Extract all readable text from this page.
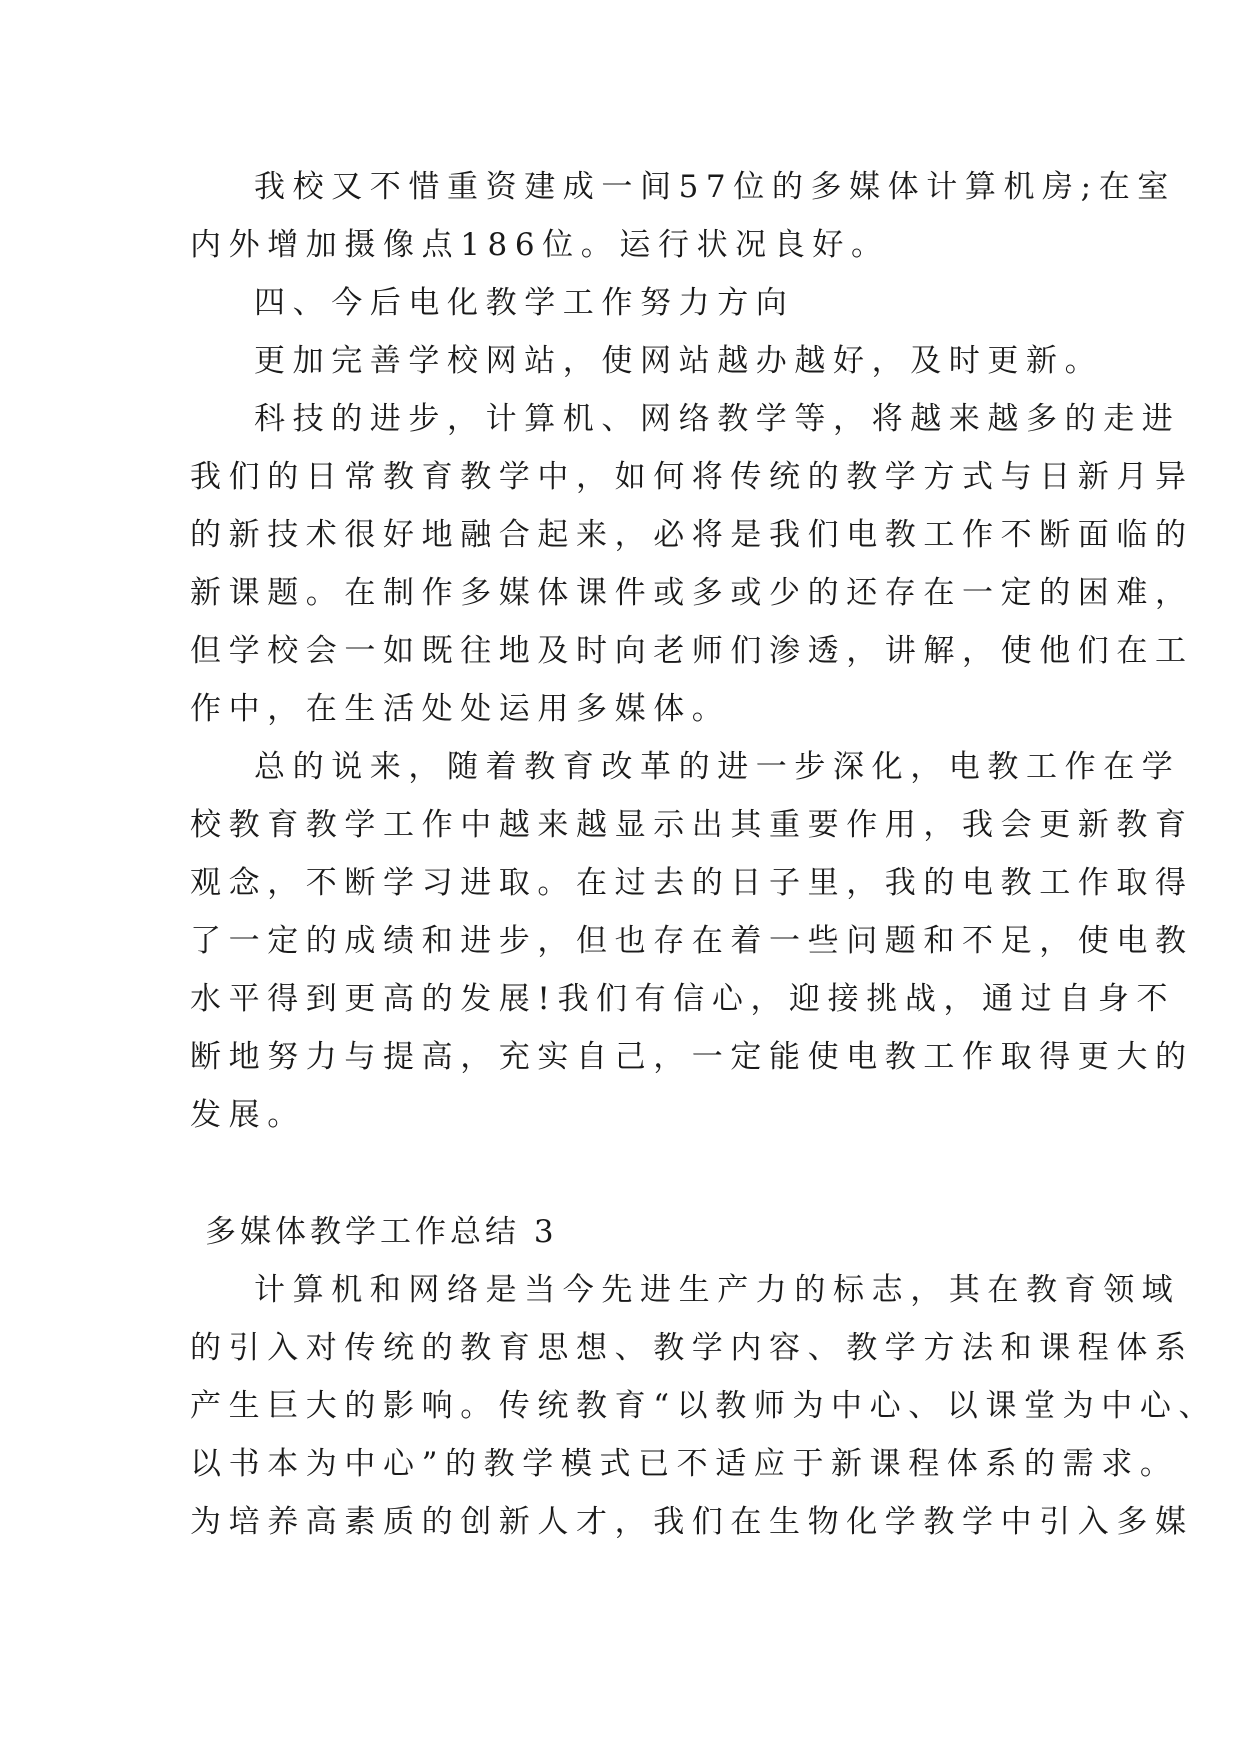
我校又不惜重资建成一间57位的多媒体计算机房;在室
内外增加摄像点186位。运行状况良好。
四、今后电化教学工作努力方向
更加完善学校网站，使网站越办越好，及时更新。
科技的进步，计算机、网络教学等，将越来越多的走进
我们的日常教育教学中，如何将传统的教学方式与日新月异
的新技术很好地融合起来，必将是我们电教工作不断面临的
新课题。在制作多媒体课件或多或少的还存在一定的困难，
但学校会一如既往地及时向老师们渗透，讲解，使他们在工
作中，在生活处处运用多媒体。
总的说来，随着教育改革的进一步深化，电教工作在学
校教育教学工作中越来越显示出其重要作用，我会更新教育
观念，不断学习进取。在过去的日子里，我的电教工作取得
了一定的成绩和进步，但也存在着一些问题和不足，使电教
水平得到更高的发展!我们有信心，迎接挑战，通过自身不
断地努力与提高，充实自己，一定能使电教工作取得更大的
发展。
多媒体教学工作总结 3
计算机和网络是当今先进生产力的标志，其在教育领域
的引入对传统的教育思想、教学内容、教学方法和课程体系
产生巨大的影响。传统教育“以教师为中心、以课堂为中心、
以书本为中心”的教学模式已不适应于新课程体系的需求。
为培养高素质的创新人才，我们在生物化学教学中引入多媒
